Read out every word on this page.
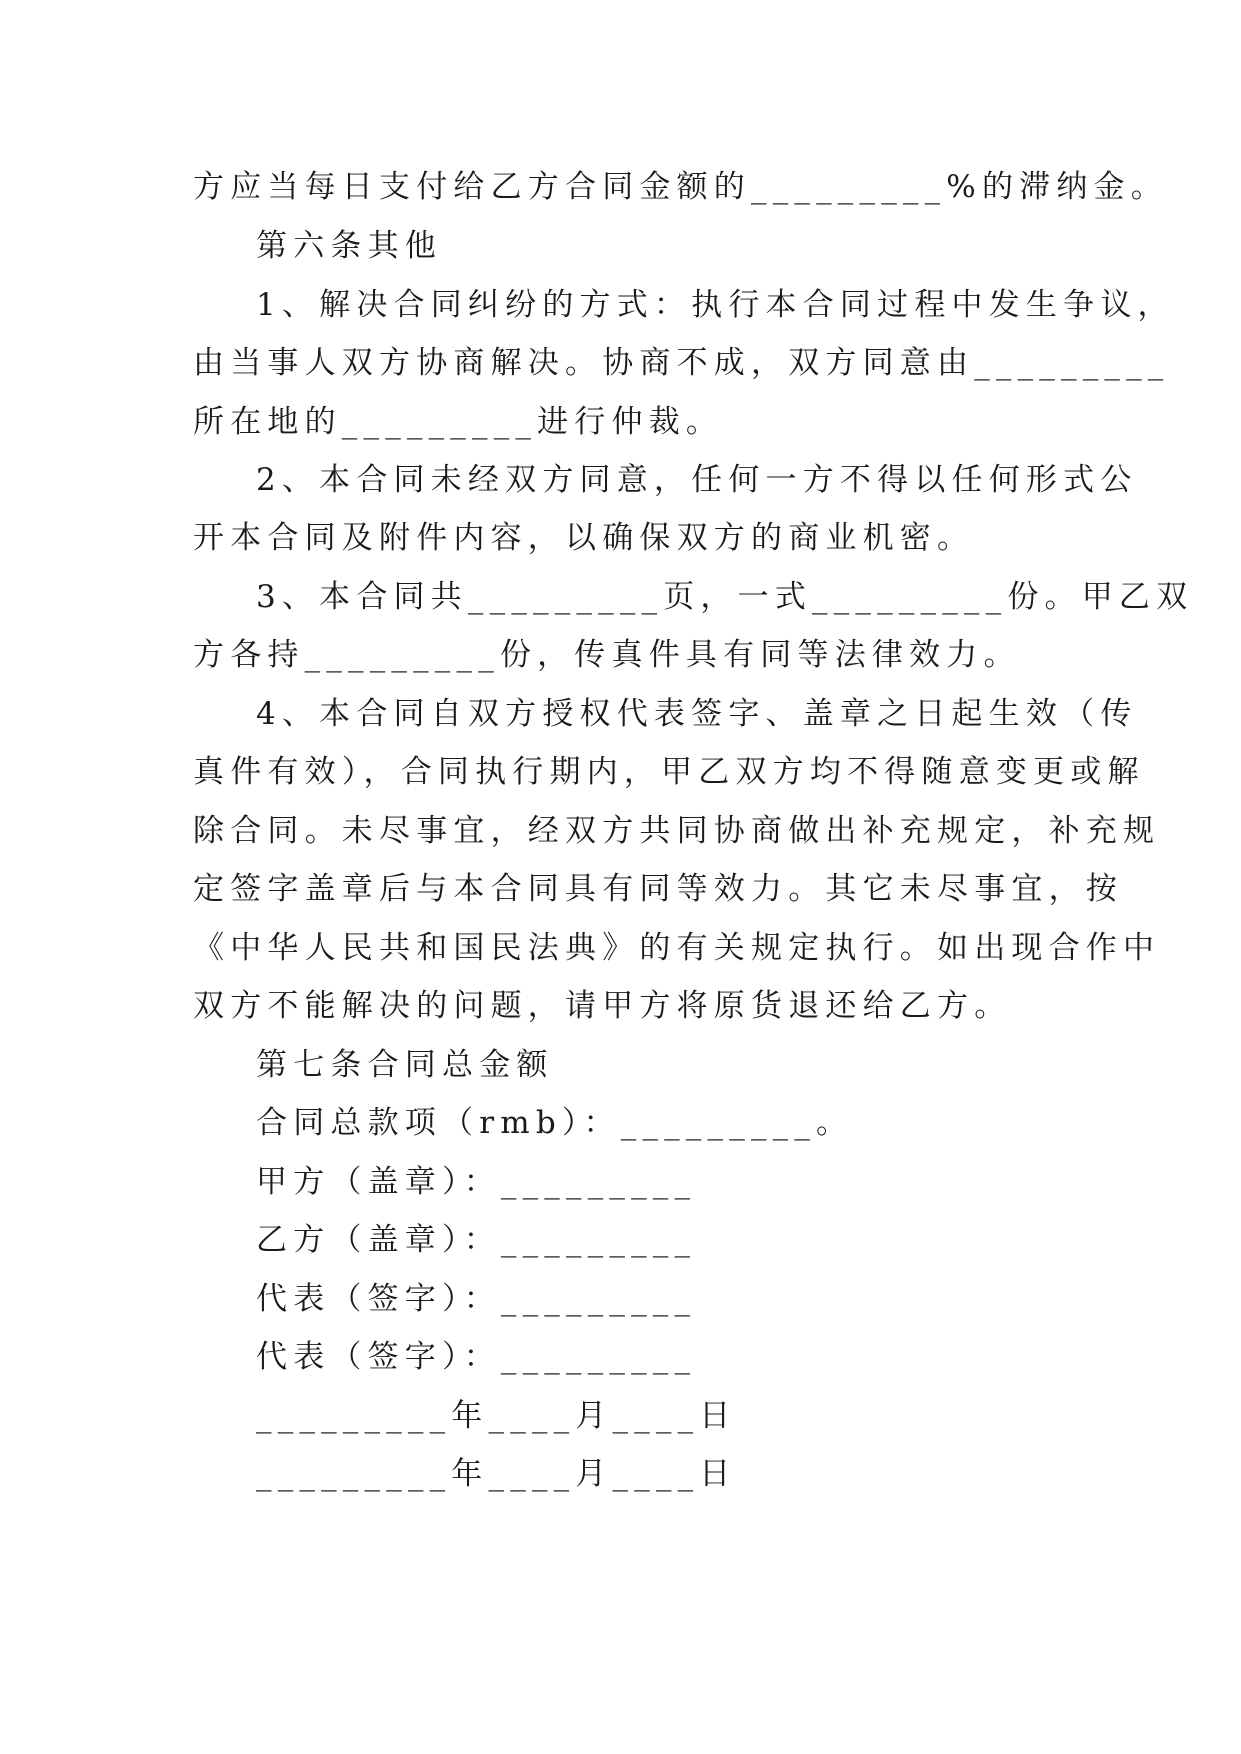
方应当每日支付给乙方合同金额的_________%的滞纳金。
第六条其他
1、解决合同纠纷的方式：执行本合同过程中发生争议，
由当事人双方协商解决。协商不成，双方同意由_________
所在地的_________进行仲裁。
2、本合同未经双方同意，任何一方不得以任何形式公
开本合同及附件内容，以确保双方的商业机密。
3、本合同共_________页，一式_________份。甲乙双
方各持_________份，传真件具有同等法律效力。
4、本合同自双方授权代表签字、盖章之日起生效（传
真件有效），合同执行期内，甲乙双方均不得随意变更或解
除合同。未尽事宜，经双方共同协商做出补充规定，补充规
定签字盖章后与本合同具有同等效力。其它未尽事宜，按
《中华人民共和国民法典》的有关规定执行。如出现合作中
双方不能解决的问题，请甲方将原货退还给乙方。
第七条合同总金额
合同总款项（rmb）：_________。
甲方（盖章）：_________
乙方（盖章）：_________
代表（签字）：_________
代表（签字）：_________
_________年____月____日
_________年____月____日
